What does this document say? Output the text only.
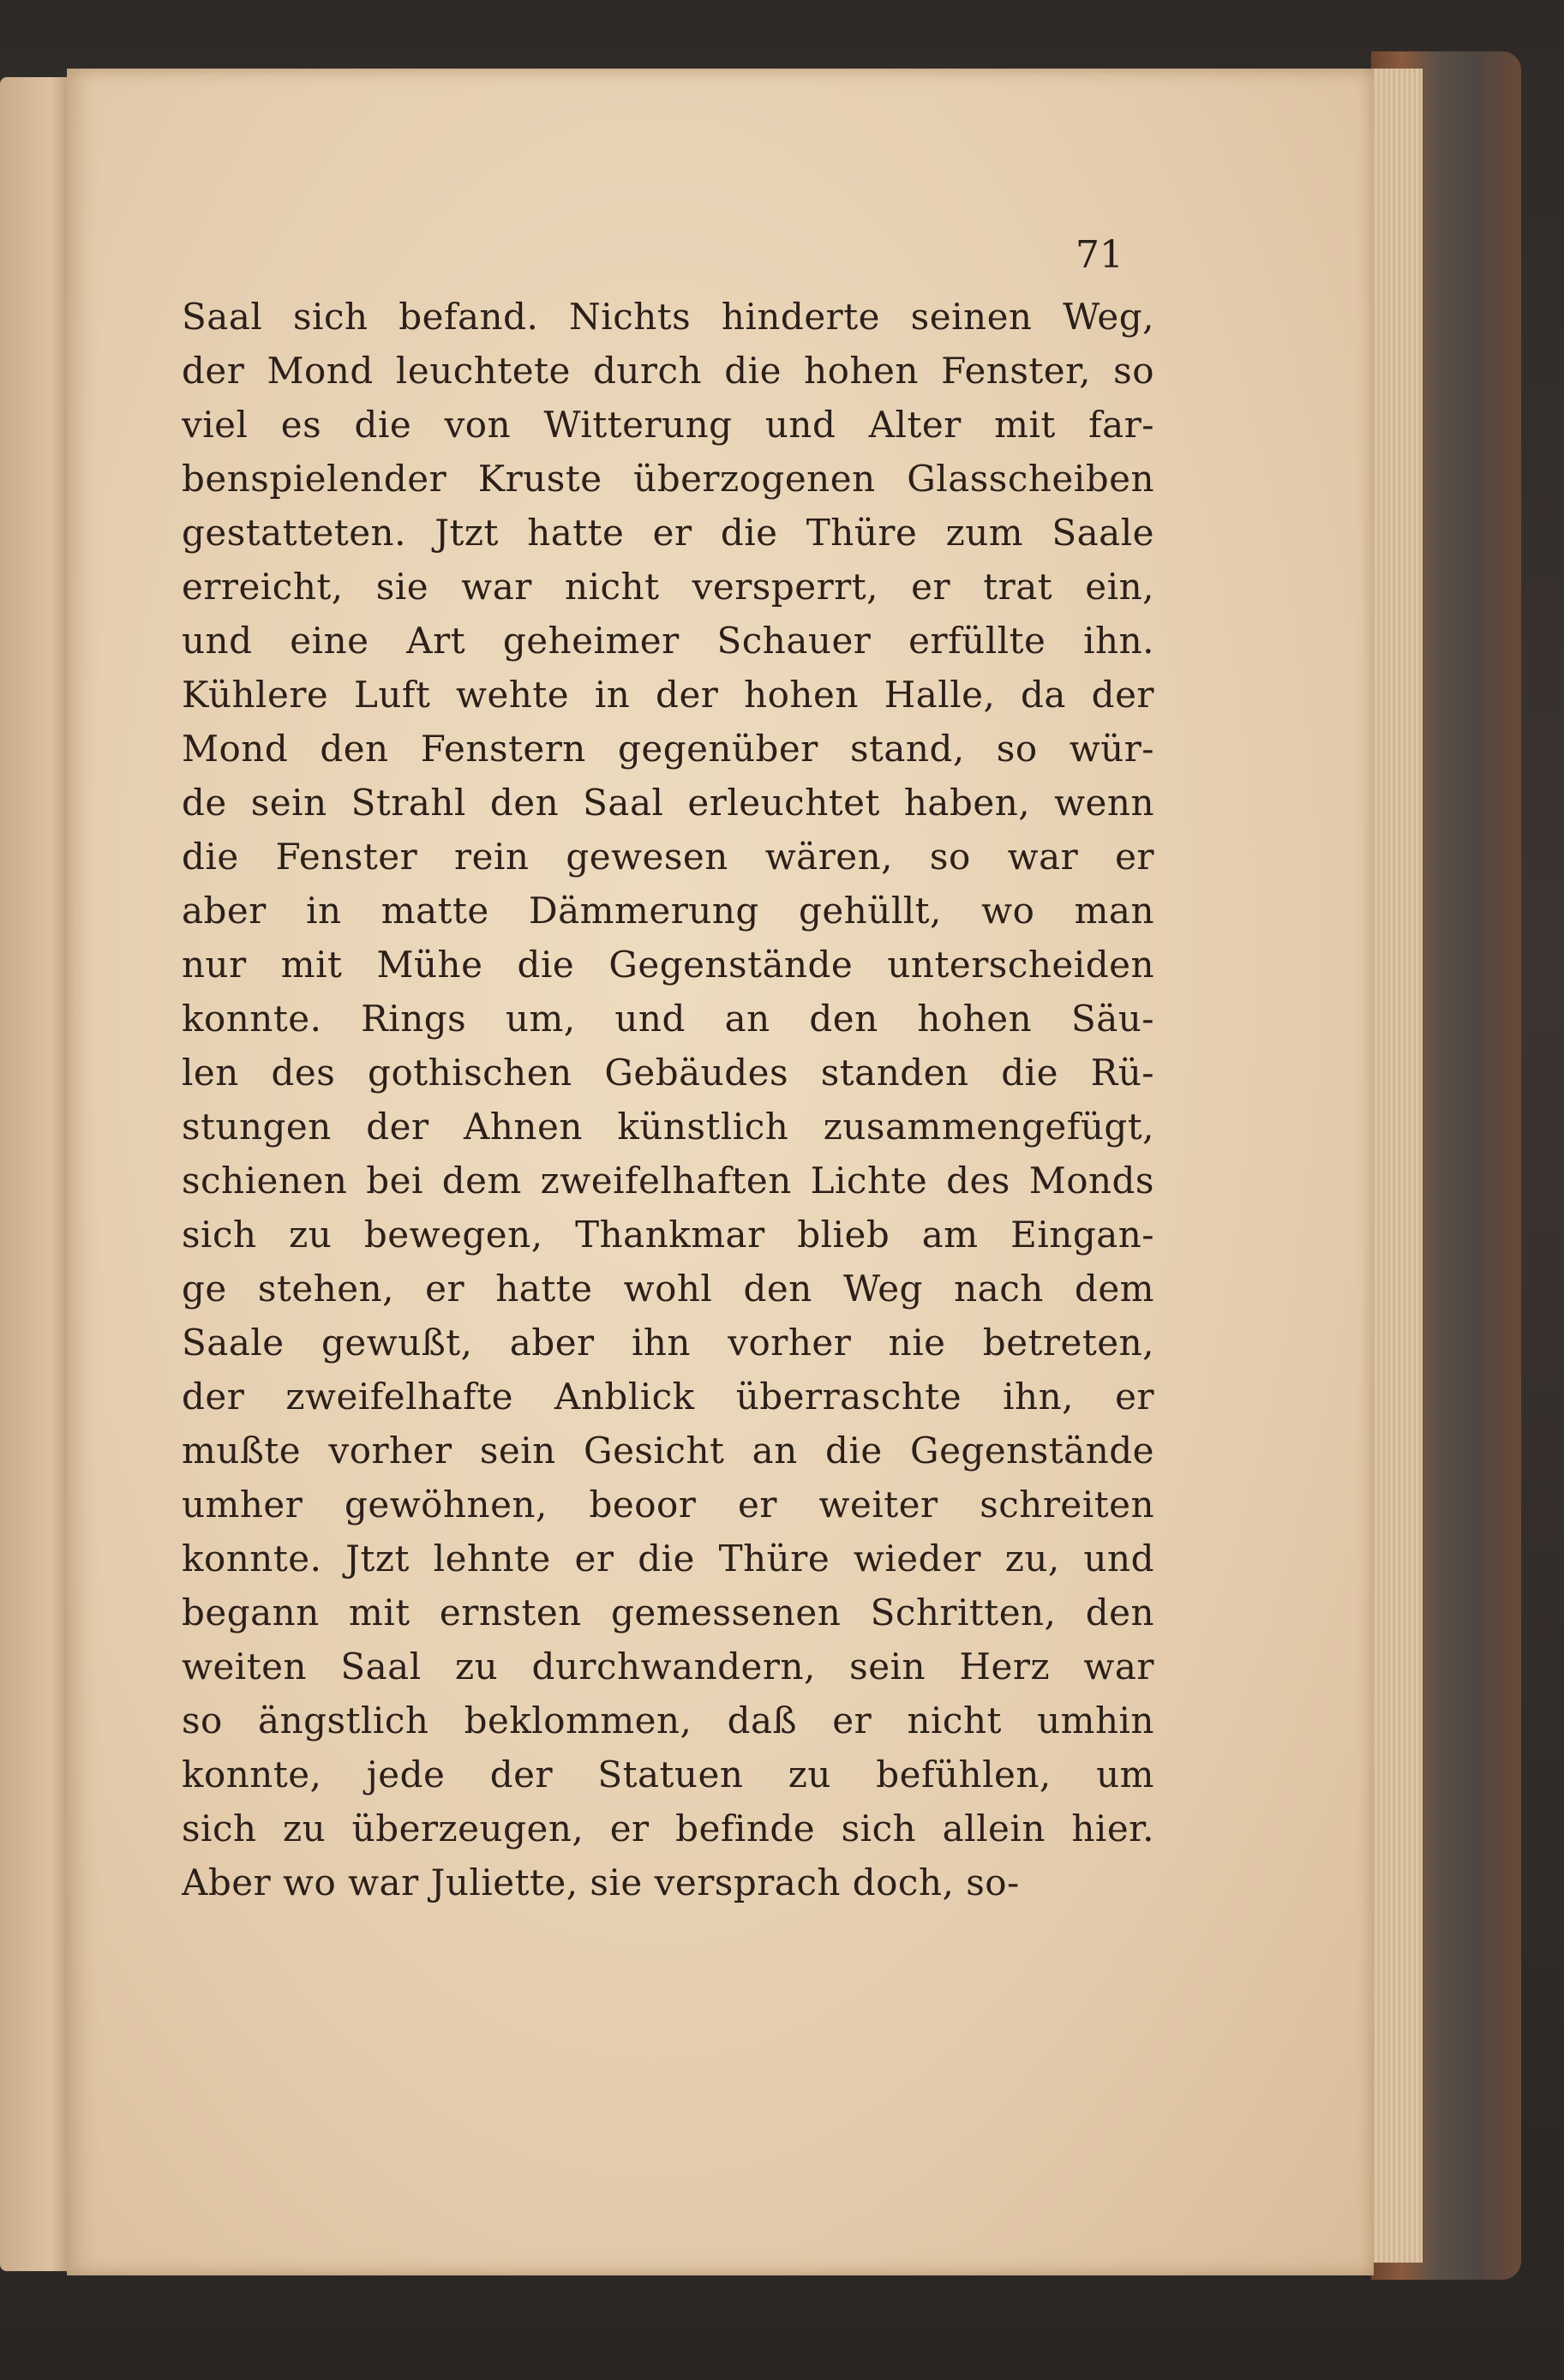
71
Saal sich befand. Nichts hinderte seinen Weg,
der Mond leuchtete durch die hohen Fenster, so
viel es die von Witterung und Alter mit far-
benspielender Kruste überzogenen Glasscheiben
gestatteten. Jtzt hatte er die Thüre zum Saale
erreicht, sie war nicht versperrt, er trat ein,
und eine Art geheimer Schauer erfüllte ihn.
Kühlere Luft wehte in der hohen Halle, da der
Mond den Fenstern gegenüber stand, so wür-
de sein Strahl den Saal erleuchtet haben, wenn
die Fenster rein gewesen wären, so war er
aber in matte Dämmerung gehüllt, wo man
nur mit Mühe die Gegenstände unterscheiden
konnte. Rings um, und an den hohen Säu-
len des gothischen Gebäudes standen die Rü-
stungen der Ahnen künstlich zusammengefügt,
schienen bei dem zweifelhaften Lichte des Monds
sich zu bewegen, Thankmar blieb am Eingan-
ge stehen, er hatte wohl den Weg nach dem
Saale gewußt, aber ihn vorher nie betreten,
der zweifelhafte Anblick überraschte ihn, er
mußte vorher sein Gesicht an die Gegenstände
umher gewöhnen, beoor er weiter schreiten
konnte. Jtzt lehnte er die Thüre wieder zu, und
begann mit ernsten gemessenen Schritten, den
weiten Saal zu durchwandern, sein Herz war
so ängstlich beklommen, daß er nicht umhin
konnte, jede der Statuen zu befühlen, um
sich zu überzeugen, er befinde sich allein hier.
Aber wo war Juliette, sie versprach doch, so-
